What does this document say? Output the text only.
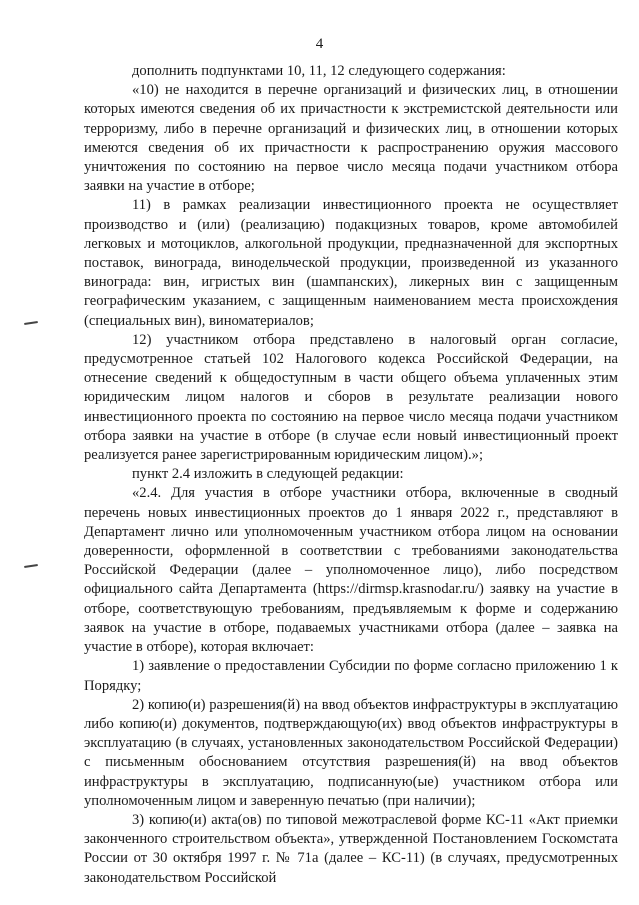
4

дополнить подпунктами 10, 11, 12 следующего содержания:

«10) не находится в перечне организаций и физических лиц, в отношении которых имеются сведения об их причастности к экстремистской деятельности или терроризму, либо в перечне организаций и физических лиц, в отношении которых имеются сведения об их причастности к распространению оружия массового уничтожения по состоянию на первое число месяца подачи участником отбора заявки на участие в отборе;

11) в рамках реализации инвестиционного проекта не осуществляет производство и (или) (реализацию) подакцизных товаров, кроме автомобилей легковых и мотоциклов, алкогольной продукции, предназначенной для экспортных поставок, винограда, винодельческой продукции, произведенной из указанного винограда: вин, игристых вин (шампанских), ликерных вин с защищенным географическим указанием, с защищенным наименованием места происхождения (специальных вин), виноматериалов;

12) участником отбора представлено в налоговый орган согласие, предусмотренное статьей 102 Налогового кодекса Российской Федерации, на отнесение сведений к общедоступным в части общего объема уплаченных этим юридическим лицом налогов и сборов в результате реализации нового инвестиционного проекта по состоянию на первое число месяца подачи участником отбора заявки на участие в отборе (в случае если новый инвестиционный проект реализуется ранее зарегистрированным юридическим лицом).»;

пункт 2.4 изложить в следующей редакции:

«2.4. Для участия в отборе участники отбора, включенные в сводный перечень новых инвестиционных проектов до 1 января 2022 г., представляют в Департамент лично или уполномоченным участником отбора лицом на основании доверенности, оформленной в соответствии с требованиями законодательства Российской Федерации (далее – уполномоченное лицо), либо посредством официального сайта Департамента (https://dirmsp.krasnodar.ru/) заявку на участие в отборе, соответствующую требованиям, предъявляемым к форме и содержанию заявок на участие в отборе, подаваемых участниками отбора (далее – заявка на участие в отборе), которая включает:

1) заявление о предоставлении Субсидии по форме согласно приложению 1 к Порядку;

2) копию(и) разрешения(й) на ввод объектов инфраструктуры в эксплуатацию либо копию(и) документов, подтверждающую(их) ввод объектов инфраструктуры в эксплуатацию (в случаях, установленных законодательством Российской Федерации) с письменным обоснованием отсутствия разрешения(й) на ввод объектов инфраструктуры в эксплуатацию, подписанную(ые) участником отбора или уполномоченным лицом и заверенную печатью (при наличии);

3) копию(и) акта(ов) по типовой межотраслевой форме КС-11 «Акт приемки законченного строительством объекта», утвержденной Постановлением Госкомстата России от 30 октября 1997 г. № 71а (далее – КС-11) (в случаях, предусмотренных законодательством Российской
